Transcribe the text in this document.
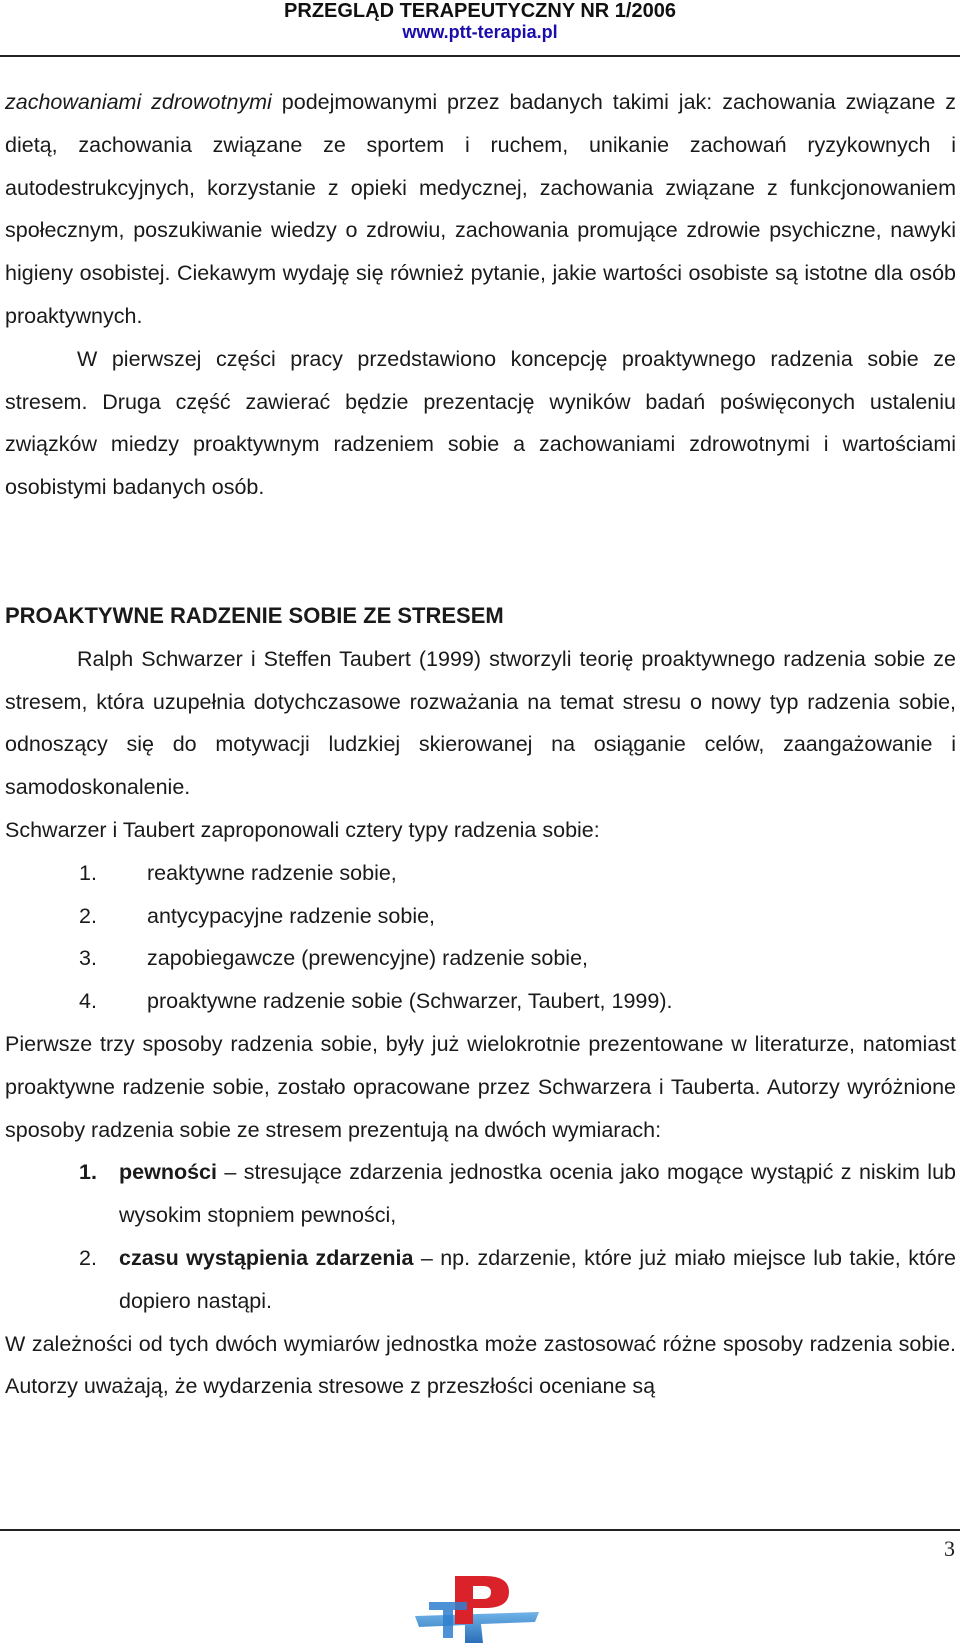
PRZEGLĄD TERAPEUTYCZNY NR 1/2006
www.ptt-terapia.pl

zachowaniami zdrowotnymi podejmowanymi przez badanych takimi jak: zachowania związane z dietą, zachowania związane ze sportem i ruchem, unikanie zachowań ryzykownych i autodestrukcyjnych, korzystanie z opieki medycznej, zachowania związane z funkcjonowaniem społecznym, poszukiwanie wiedzy o zdrowiu, zachowania promujące zdrowie psychiczne, nawyki higieny osobistej. Ciekawym wydaję się również pytanie, jakie wartości osobiste są istotne dla osób proaktywnych.

W pierwszej części pracy przedstawiono koncepcję proaktywnego radzenia sobie ze stresem. Druga część zawierać będzie prezentację wyników badań poświęconych ustaleniu związków miedzy proaktywnym radzeniem sobie a zachowaniami zdrowotnymi i wartościami osobistymi badanych osób.

PROAKTYWNE RADZENIE SOBIE ZE STRESEM

Ralph Schwarzer i Steffen Taubert (1999) stworzyli teorię proaktywnego radzenia sobie ze stresem, która uzupełnia dotychczasowe rozważania na temat stresu o nowy typ radzenia sobie, odnoszący się do motywacji ludzkiej skierowanej na osiąganie celów, zaangażowanie i samodoskonalenie.

Schwarzer i Taubert zaproponowali cztery typy radzenia sobie:

1.	reaktywne radzenie sobie,
2.	antycypacyjne radzenie sobie,
3.	zapobiegawcze (prewencyjne) radzenie sobie,
4.	proaktywne radzenie sobie (Schwarzer, Taubert, 1999).

Pierwsze trzy sposoby radzenia sobie, były już wielokrotnie prezentowane w literaturze, natomiast proaktywne radzenie sobie, zostało opracowane przez Schwarzera i Tauberta. Autorzy wyróżnione sposoby radzenia sobie ze stresem prezentują na dwóch wymiarach:

1.	pewności – stresujące zdarzenia jednostka ocenia jako mogące wystąpić z niskim lub wysokim stopniem pewności,
2.	czasu wystąpienia zdarzenia – np. zdarzenie, które już miało miejsce lub takie, które dopiero nastąpi.

W zależności od tych dwóch wymiarów jednostka może zastosować różne sposoby radzenia sobie. Autorzy uważają, że wydarzenia stresowe z przeszłości oceniane są

3
